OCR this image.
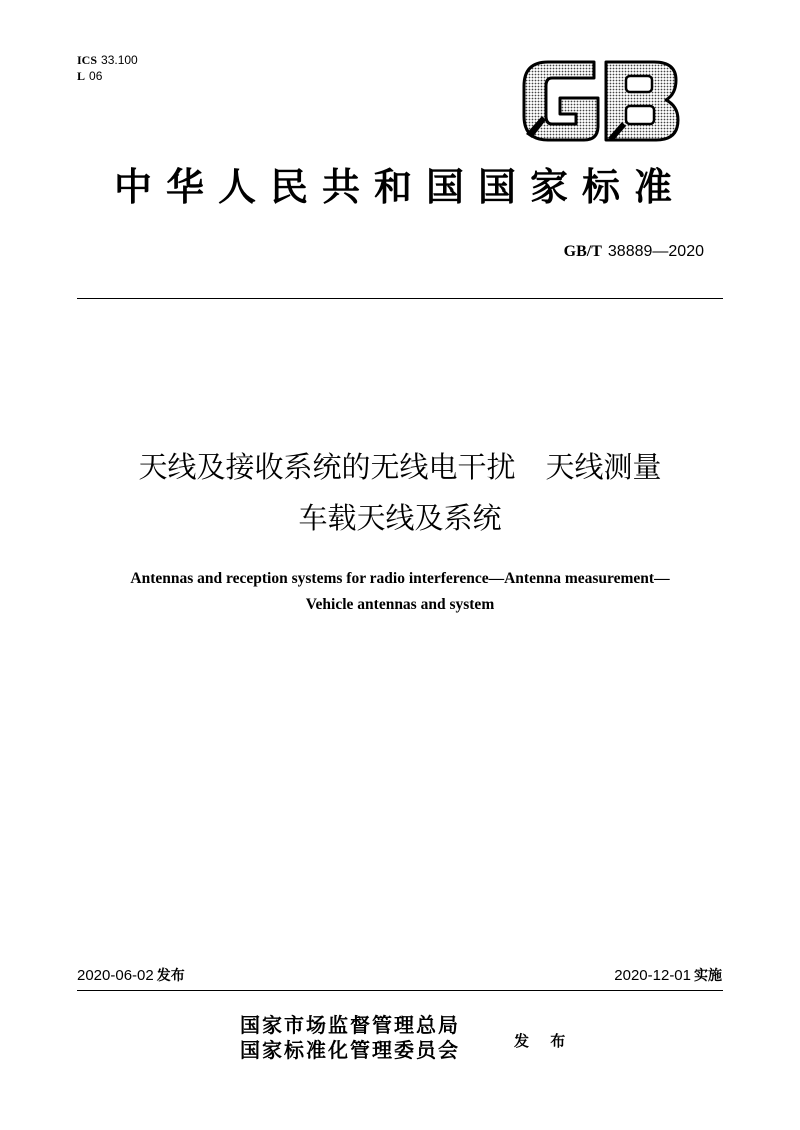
ICS 33.100
L 06
中华人民共和国国家标准
GB/T 38889—2020
天线及接收系统的无线电干扰 天线测量
车载天线及系统
Antennas and reception systems for radio interference—Antenna measurement—
Vehicle antennas and system
2020-06-02 发布	2020-12-01 实施
国家市场监督管理总局
国家标准化管理委员会	发 布
